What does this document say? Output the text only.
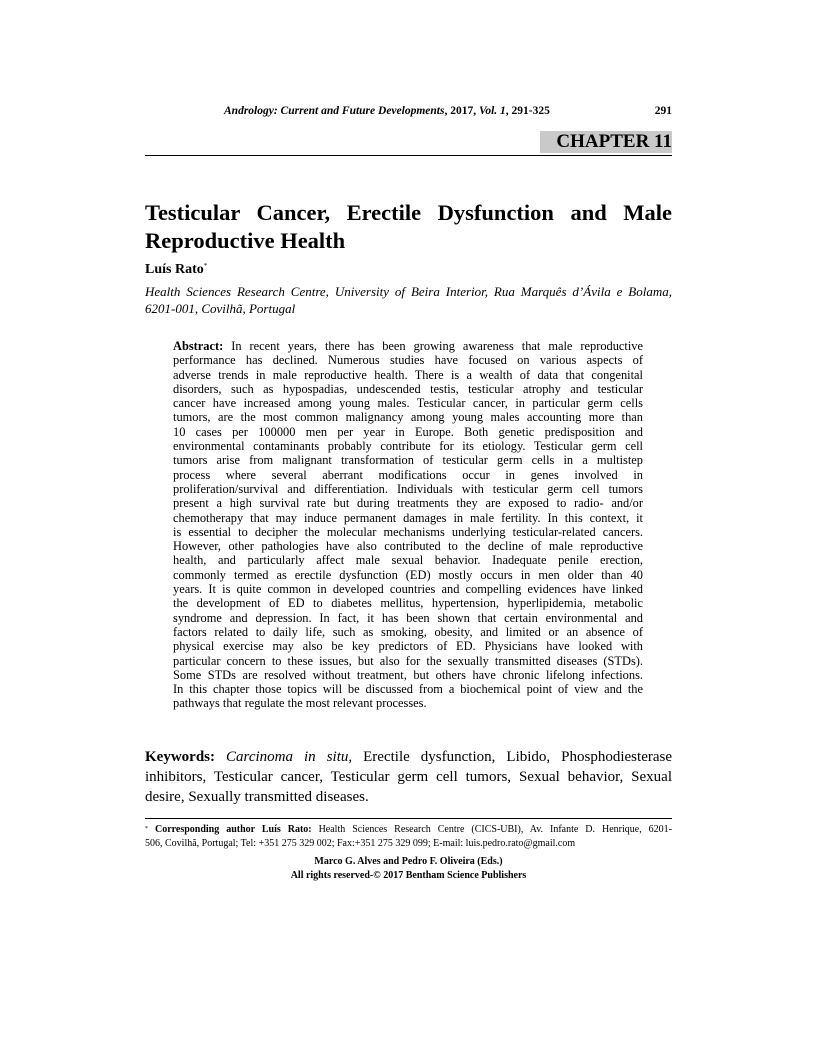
Andrology: Current and Future Developments, 2017, Vol. 1, 291-325	291
CHAPTER 11
Testicular Cancer, Erectile Dysfunction and Male
Reproductive Health
Luís Rato*
Health Sciences Research Centre, University of Beira Interior, Rua Marquês d’Ávila e Bolama,
6201-001, Covilhã, Portugal
Abstract: In recent years, there has been growing awareness that male reproductive
performance has declined. Numerous studies have focused on various aspects of
adverse trends in male reproductive health. There is a wealth of data that congenital
disorders, such as hypospadias, undescended testis, testicular atrophy and testicular
cancer have increased among young males. Testicular cancer, in particular germ cells
tumors, are the most common malignancy among young males accounting more than
10 cases per 100000 men per year in Europe. Both genetic predisposition and
environmental contaminants probably contribute for its etiology. Testicular germ cell
tumors arise from malignant transformation of testicular germ cells in a multistep
process where several aberrant modifications occur in genes involved in
proliferation/survival and differentiation. Individuals with testicular germ cell tumors
present a high survival rate but during treatments they are exposed to radio- and/or
chemotherapy that may induce permanent damages in male fertility. In this context, it
is essential to decipher the molecular mechanisms underlying testicular-related cancers.
However, other pathologies have also contributed to the decline of male reproductive
health, and particularly affect male sexual behavior. Inadequate penile erection,
commonly termed as erectile dysfunction (ED) mostly occurs in men older than 40
years. It is quite common in developed countries and compelling evidences have linked
the development of ED to diabetes mellitus, hypertension, hyperlipidemia, metabolic
syndrome and depression. In fact, it has been shown that certain environmental and
factors related to daily life, such as smoking, obesity, and limited or an absence of
physical exercise may also be key predictors of ED. Physicians have looked with
particular concern to these issues, but also for the sexually transmitted diseases (STDs).
Some STDs are resolved without treatment, but others have chronic lifelong infections.
In this chapter those topics will be discussed from a biochemical point of view and the
pathways that regulate the most relevant processes.
Keywords: Carcinoma in situ, Erectile dysfunction, Libido, Phosphodiesterase
inhibitors, Testicular cancer, Testicular germ cell tumors, Sexual behavior, Sexual
desire, Sexually transmitted diseases.
* Corresponding author Luís Rato: Health Sciences Research Centre (CICS-UBI), Av. Infante D. Henrique, 6201-
506, Covilhã, Portugal; Tel: +351 275 329 002; Fax:+351 275 329 099; E-mail: luis.pedro.rato@gmail.com
Marco G. Alves and Pedro F. Oliveira (Eds.)
All rights reserved-© 2017 Bentham Science Publishers
